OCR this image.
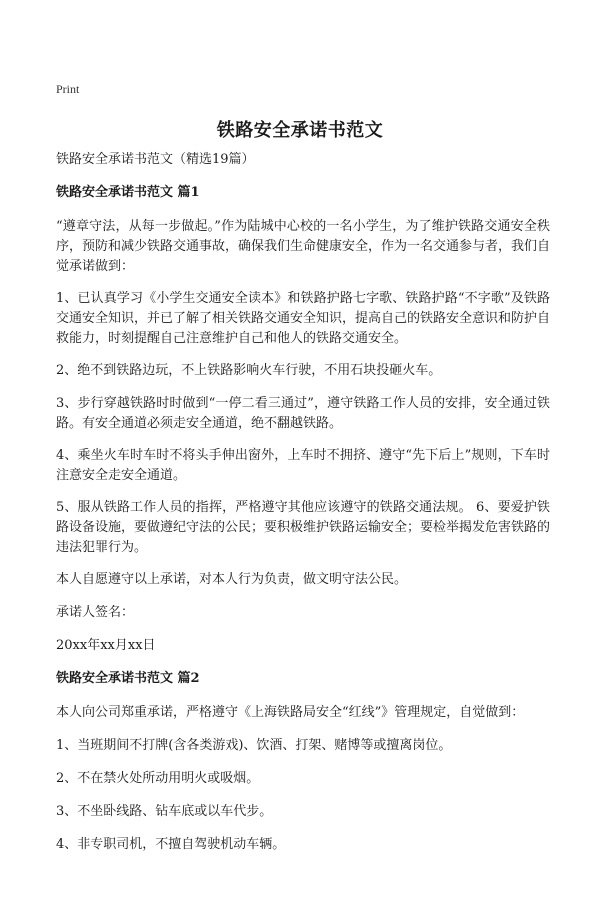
Print
铁路安全承诺书范文

铁路安全承诺书范文（精选19篇）

铁路安全承诺书范文 篇1

“遵章守法，从每一步做起。”作为陆城中心校的一名小学生，为了维护铁路交通安全秩序，预防和减少铁路交通事故，确保我们生命健康安全，作为一名交通参与者，我们自觉承诺做到：

1、已认真学习《小学生交通安全读本》和铁路护路七字歌、铁路护路“不字歌”及铁路交通安全知识，并已了解了相关铁路交通安全知识，提高自己的铁路安全意识和防护自救能力，时刻提醒自己注意维护自己和他人的铁路交通安全。

2、绝不到铁路边玩，不上铁路影响火车行驶，不用石块投砸火车。

3、步行穿越铁路时时做到“一停二看三通过”，遵守铁路工作人员的安排，安全通过铁路。有安全通道必须走安全通道，绝不翻越铁路。

4、乘坐火车时车时不将头手伸出窗外，上车时不拥挤、遵守“先下后上”规则，下车时注意安全走安全通道。

5、服从铁路工作人员的指挥，严格遵守其他应该遵守的铁路交通法规。 6、要爱护铁路设备设施，要做遵纪守法的公民；要积极维护铁路运输安全；要检举揭发危害铁路的违法犯罪行为。

本人自愿遵守以上承诺，对本人行为负责，做文明守法公民。

承诺人签名：

20xx年xx月xx日

铁路安全承诺书范文 篇2

本人向公司郑重承诺，严格遵守《上海铁路局安全“红线”》管理规定，自觉做到：

1、当班期间不打牌(含各类游戏)、饮酒、打架、赌博等或擅离岗位。

2、不在禁火处所动用明火或吸烟。

3、不坐卧线路、钻车底或以车代步。

4、非专职司机，不擅自驾驶机动车辆。
